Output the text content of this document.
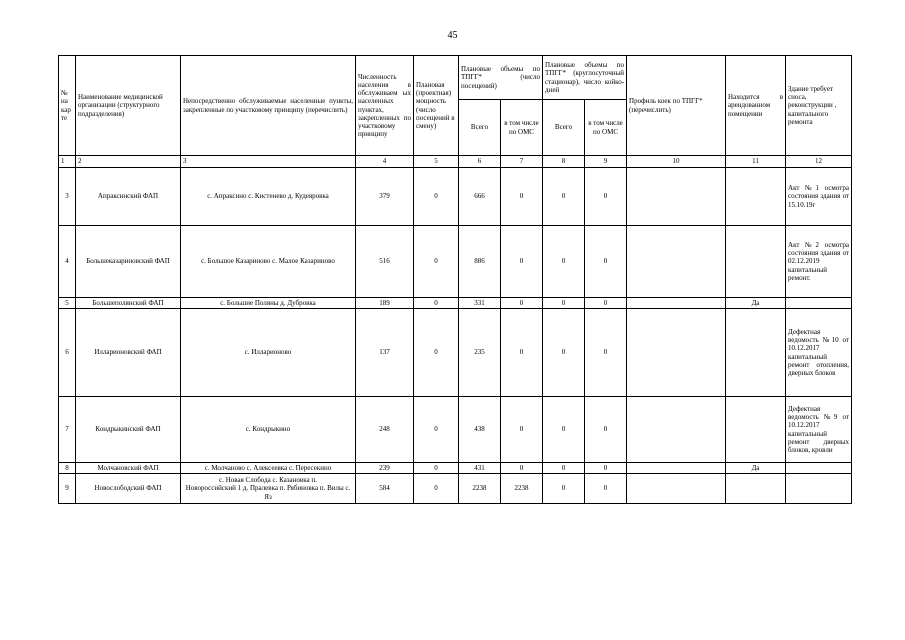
45
№ на кар те	Наименование медицинской организации (структурного подразделения)	Непосредственно обслуживаемые населенные пункты, закрепленные по участковому принципу (перечислить)	Численность населения в обслуживаем ых населенных пунктах, закрепленных по участковому принципу	Плановая (проектная) мощность (число посещений в смену)	Плановые объемы по ТПГГ* (число посещений)		Плановые объемы по ТПГГ* (круглосуточный стационар), число койко-дней		Профиль коек по ТПГГ* (перечислить)	Находится в арендованном помещении	Здание требует сноса, реконструкции , капитального ремонта
					Всего	в том числе по ОМС	Всего	в том числе по ОМС			
1	2	3	4	5	6	7	8	9	10	11	12
3	Апраксинский ФАП	с. Апраксино с. Кистенево д. Кудеяровка	379	0	666	0	0	0			Акт №1 осмотра состояния здания от 15.10.19г
4	Большеказариновский ФАП	с. Большое Казариново с. Малое Казариново	516	0	886	0	0	0			Акт №2 осмотра состояния здания от 02.12.2019 капитальный ремонт.
5	Большеполянский ФАП	с. Большие Поляны д. Дубровка	189	0	331	0	0	0		Да	
6	Илларионовский ФАП	с. Илларионово	137	0	235	0	0	0			Дефектная ведомость №10 от 10.12.2017 капитальный ремонт отопления, дверных блоков
7	Кондрыкинский ФАП	с. Кондрыкино	248	0	438	0	0	0			Дефектная ведомость №9 от 10.12.2017 капитальный ремонт дверных блоков, кровли
8	Молчановский ФАП	с. Молчаново с. Алексеевка с. Пересекино	239	0	431	0	0	0		Да	
9	Новослободский ФАП	с. Новая Слобода с. Казановка п.
Новороссийский 1 д. Пралевка п. Рябиновка п. Вилы с. Яз	584	0	2238	2238	0	0			
